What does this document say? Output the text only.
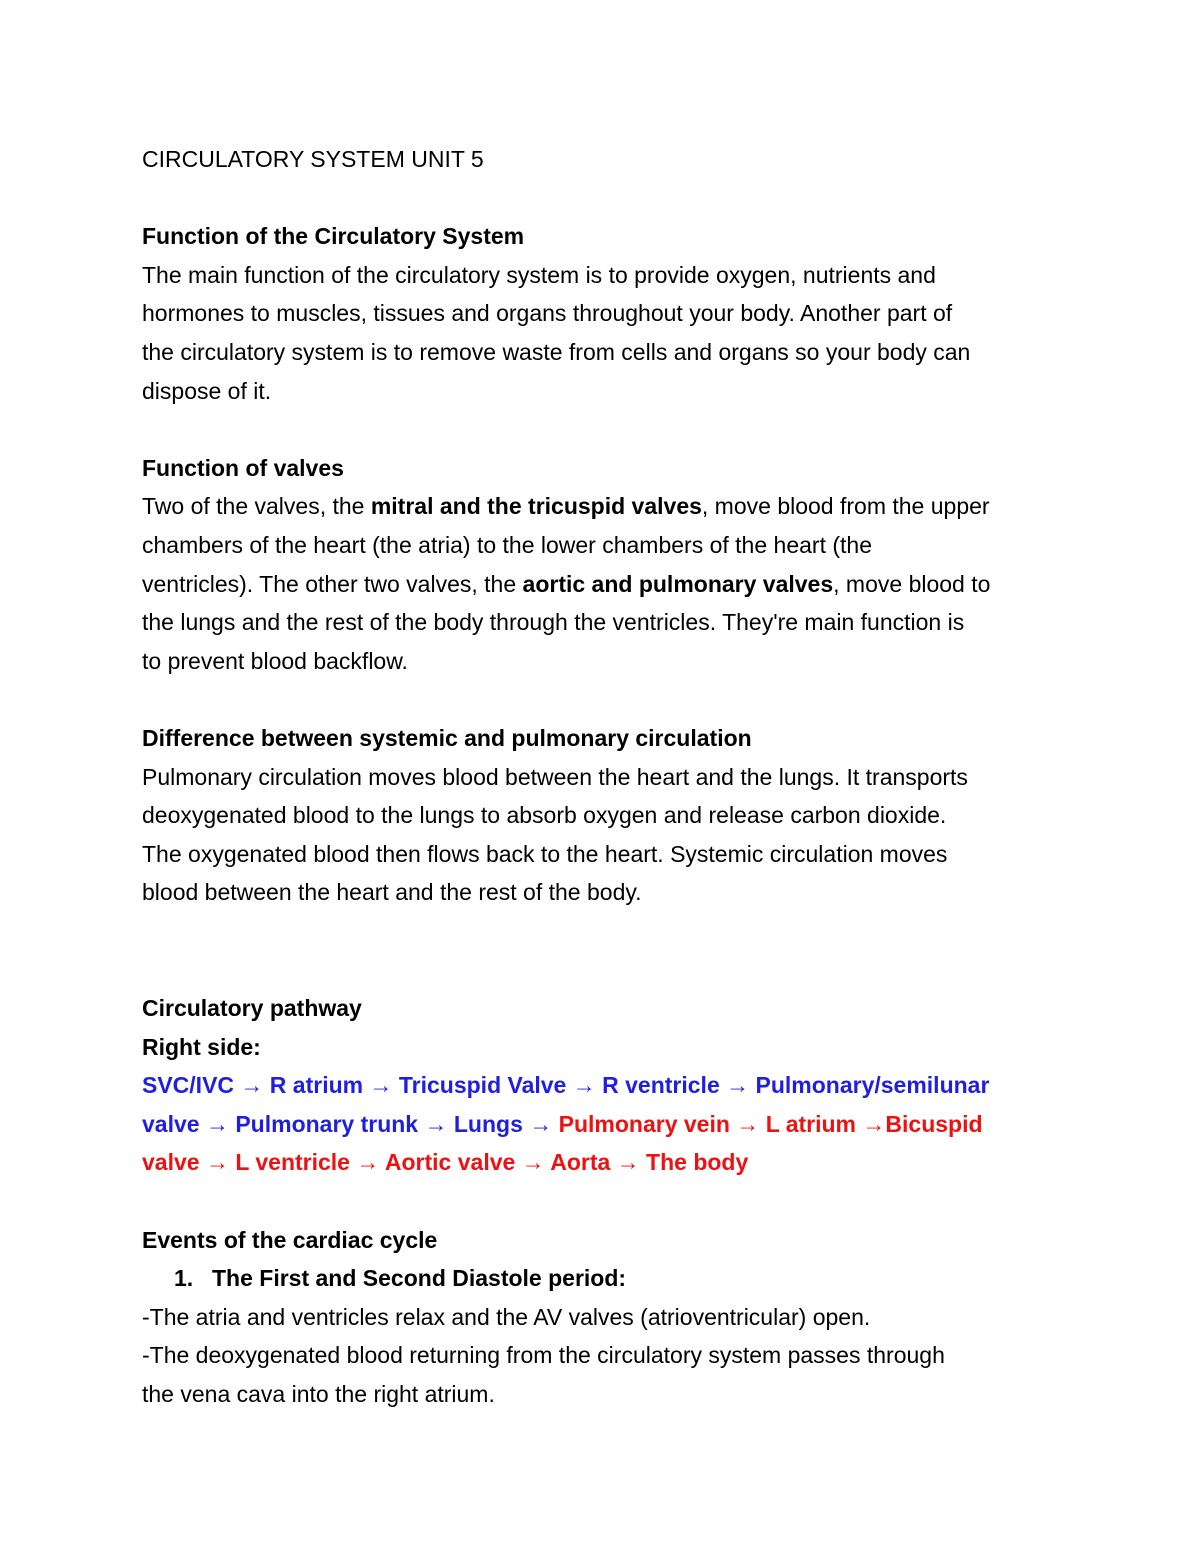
CIRCULATORY SYSTEM UNIT 5
Function of the Circulatory System
The main function of the circulatory system is to provide oxygen, nutrients and
hormones to muscles, tissues and organs throughout your body. Another part of
the circulatory system is to remove waste from cells and organs so your body can
dispose of it.
Function of valves
Two of the valves, the mitral and the tricuspid valves, move blood from the upper
chambers of the heart (the atria) to the lower chambers of the heart (the
ventricles). The other two valves, the aortic and pulmonary valves, move blood to
the lungs and the rest of the body through the ventricles. They're main function is
to prevent blood backflow.
Difference between systemic and pulmonary circulation
Pulmonary circulation moves blood between the heart and the lungs. It transports
deoxygenated blood to the lungs to absorb oxygen and release carbon dioxide.
The oxygenated blood then flows back to the heart. Systemic circulation moves
blood between the heart and the rest of the body.
Circulatory pathway
Right side:
SVC/IVC → R atrium → Tricuspid Valve → R ventricle → Pulmonary/semilunar
valve → Pulmonary trunk → Lungs → Pulmonary vein → L atrium →Bicuspid
valve → L ventricle → Aortic valve → Aorta → The body
Events of the cardiac cycle
1. The First and Second Diastole period:
-The atria and ventricles relax and the AV valves (atrioventricular) open.
-The deoxygenated blood returning from the circulatory system passes through
the vena cava into the right atrium.
